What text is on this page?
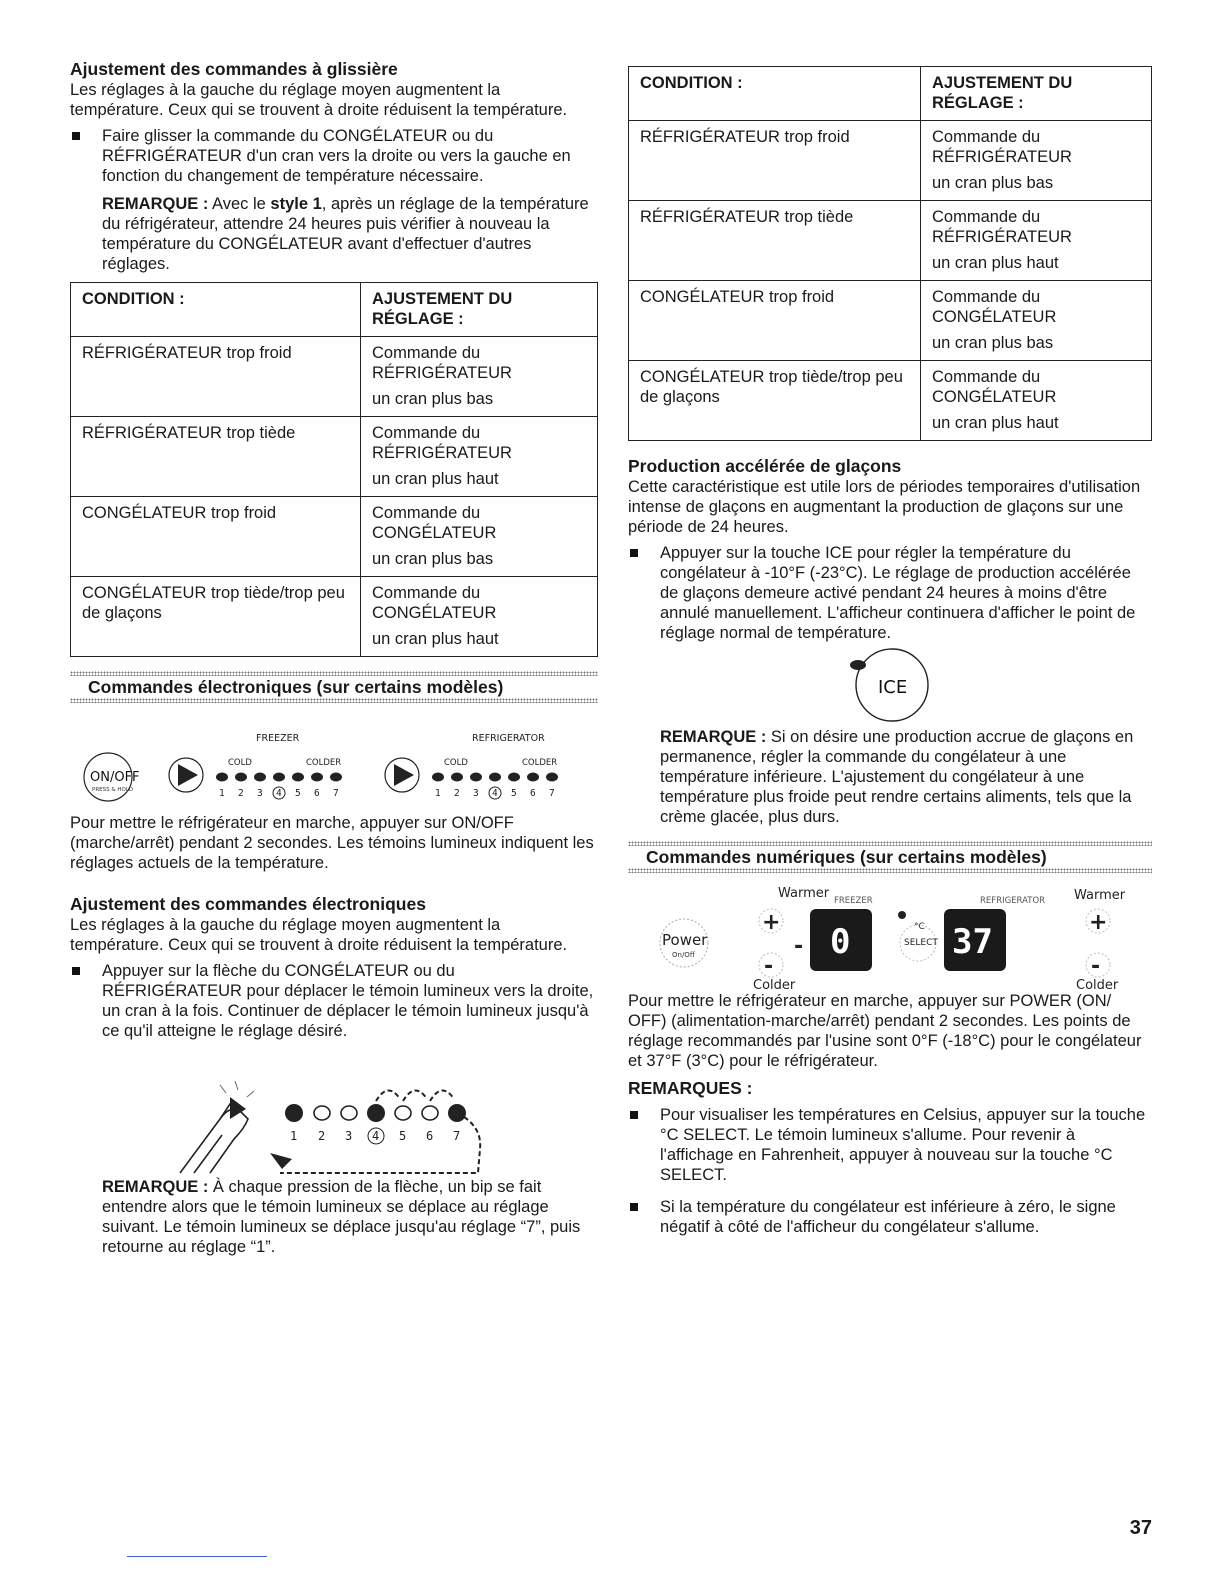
Ajustement des commandes à glissière

Les réglages à la gauche du réglage moyen augmentent la température. Ceux qui se trouvent à droite réduisent la température.

Faire glisser la commande du CONGÉLATEUR ou du RÉFRIGÉRATEUR d'un cran vers la droite ou vers la gauche en fonction du changement de température nécessaire.
REMARQUE : Avec le style 1, après un réglage de la température du réfrigérateur, attendre 24 heures puis vérifier à nouveau la température du CONGÉLATEUR avant d'effectuer d'autres réglages.
CONDITION :	AJUSTEMENT DU RÉGLAGE :
RÉFRIGÉRATEUR trop froid	Commande du RÉFRIGÉRATEUR
un cran plus bas

RÉFRIGÉRATEUR trop tiède	Commande du RÉFRIGÉRATEUR
un cran plus haut

CONGÉLATEUR trop froid	Commande du CONGÉLATEUR
un cran plus bas

CONGÉLATEUR trop tiède/trop peu de glaçons	Commande du CONGÉLATEUR
un cran plus haut
Commandes électroniques (sur certains modèles)
FREEZER	REFRIGERATOR
ON/OFF
PRESS & HOLD
COLD	COLDER
1 2 3 4 5 6 7
COLD	COLDER
1 2 3 4 5 6 7

Pour mettre le réfrigérateur en marche, appuyer sur ON/OFF (marche/arrêt) pendant 2 secondes. Les témoins lumineux indiquent les réglages actuels de la température.

Ajustement des commandes électroniques

Les réglages à la gauche du réglage moyen augmentent la température. Ceux qui se trouvent à droite réduisent la température.

Appuyer sur la flèche du CONGÉLATEUR ou du RÉFRIGÉRATEUR pour déplacer le témoin lumineux vers la droite, un cran à la fois. Continuer de déplacer le témoin lumineux jusqu'à ce qu'il atteigne le réglage désiré.
1 2 3 4 5 6 7
REMARQUE : À chaque pression de la flèche, un bip se fait entendre alors que le témoin lumineux se déplace au réglage suivant. Le témoin lumineux se déplace jusqu'au réglage “7”, puis retourne au réglage “1”.
CONDITION :	AJUSTEMENT DU RÉGLAGE :
RÉFRIGÉRATEUR trop froid	Commande du RÉFRIGÉRATEUR
un cran plus bas

RÉFRIGÉRATEUR trop tiède	Commande du RÉFRIGÉRATEUR
un cran plus haut

CONGÉLATEUR trop froid	Commande du CONGÉLATEUR
un cran plus bas

CONGÉLATEUR trop tiède/trop peu de glaçons	Commande du CONGÉLATEUR
un cran plus haut
Production accélérée de glaçons

Cette caractéristique est utile lors de périodes temporaires d'utilisation intense de glaçons en augmentant la production de glaçons sur une période de 24 heures.

Appuyer sur la touche ICE pour régler la température du congélateur à -10°F (-23°C). Le réglage de production accélérée de glaçons demeure activé pendant 24 heures à moins d'être annulé manuellement. L'afficheur continuera d'afficher le point de réglage normal de température.
ICE
REMARQUE : Si on désire une production accrue de glaçons en permanence, régler la commande du congélateur à une température inférieure. L'ajustement du congélateur à une température plus froide peut rendre certains aliments, tels que la crème glacée, plus durs.
Commandes numériques (sur certains modèles)
Warmer	Warmer
FREEZER	REFRIGERATOR
Power
On/Off
+
-
- 0	°C
SELECT 37	+
-
Colder	Colder

Pour mettre le réfrigérateur en marche, appuyer sur POWER (ON/ OFF) (alimentation-marche/arrêt) pendant 2 secondes. Les points de réglage recommandés par l'usine sont 0°F (-18°C) pour le congélateur et 37°F (3°C) pour le réfrigérateur.

REMARQUES :
Pour visualiser les températures en Celsius, appuyer sur la touche °C SELECT. Le témoin lumineux s'allume. Pour revenir à l'affichage en Fahrenheit, appuyer à nouveau sur la touche °C SELECT.
Si la température du congélateur est inférieure à zéro, le signe négatif à côté de l'afficheur du congélateur s'allume.
37
